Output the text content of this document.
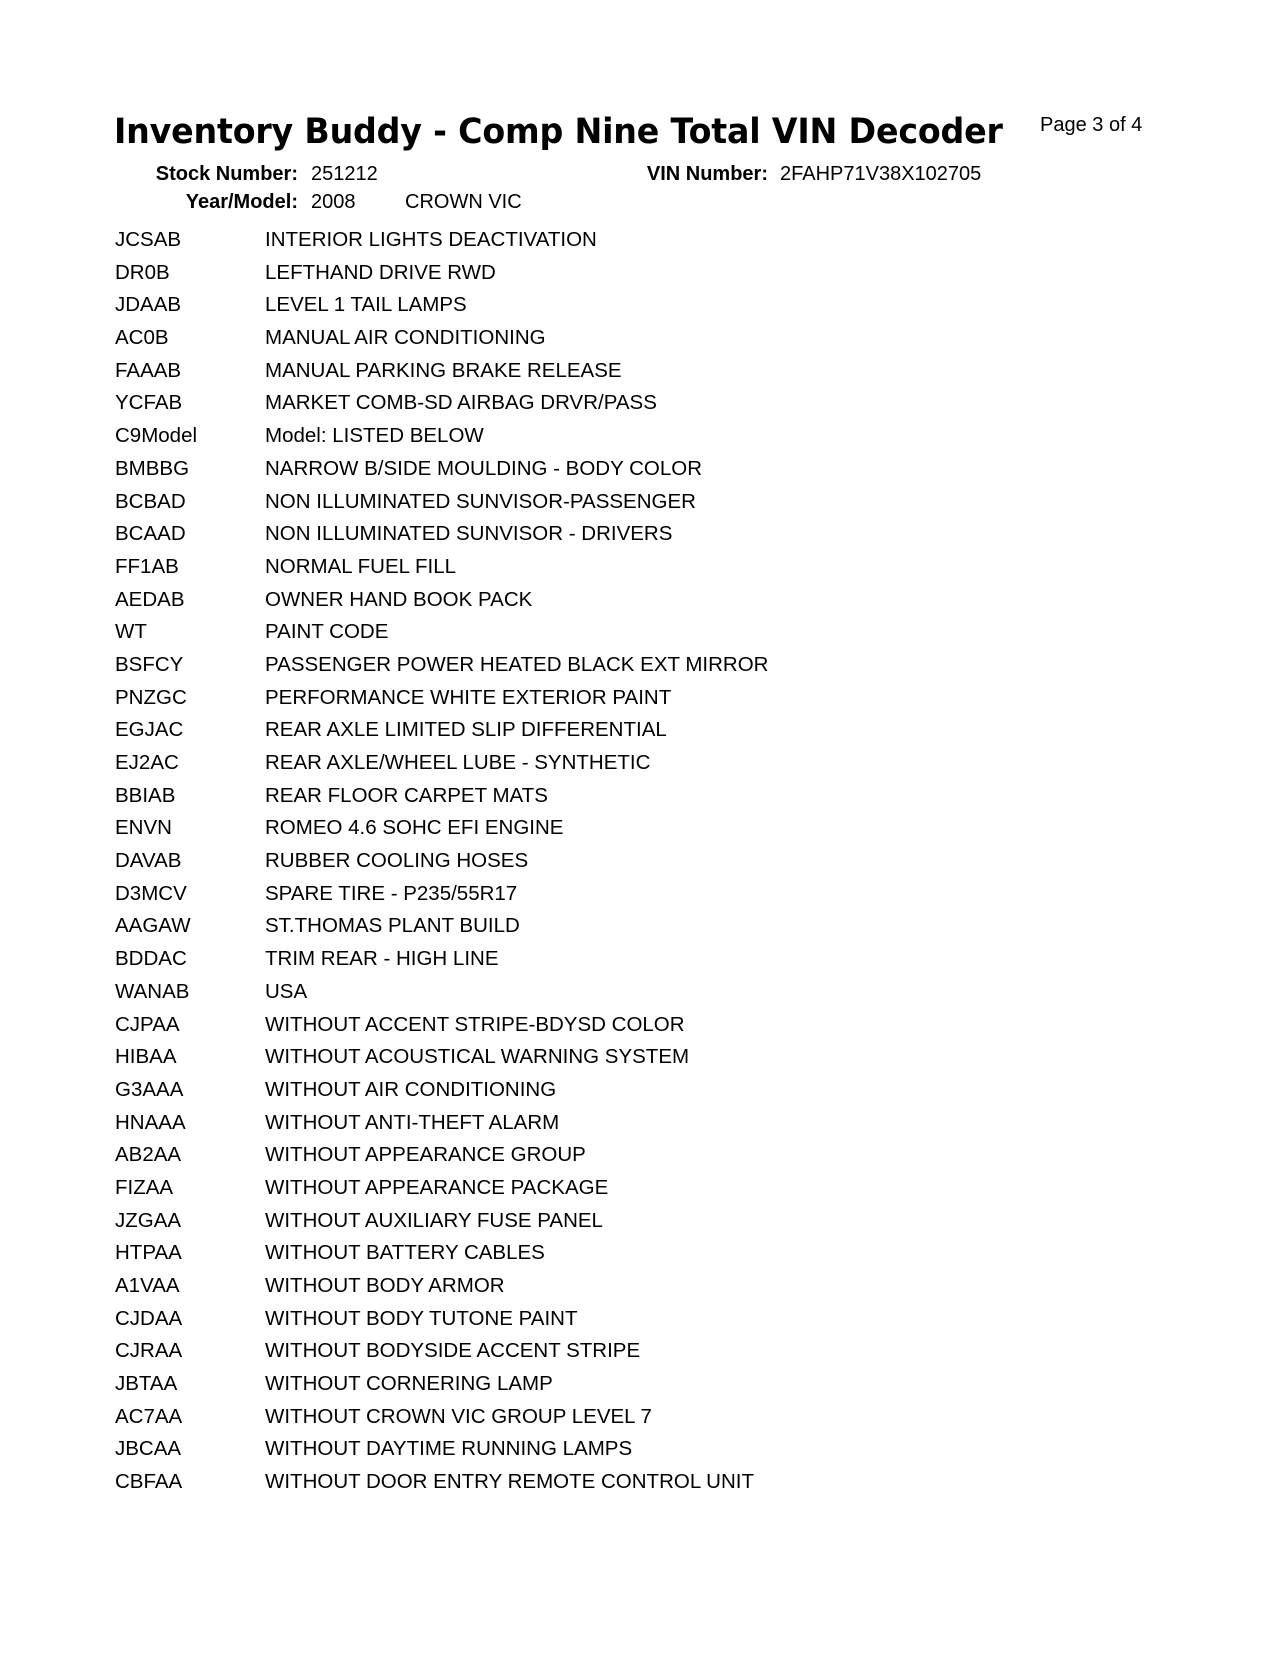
Inventory Buddy - Comp Nine Total VIN Decoder Page 3 of 4
Stock Number: 251212	VIN Number: 2FAHP71V38X102705
Year/Model: 2008 CROWN VIC
JCSAB	INTERIOR LIGHTS DEACTIVATION
DR0B	LEFTHAND DRIVE RWD
JDAAB	LEVEL 1 TAIL LAMPS
AC0B	MANUAL AIR CONDITIONING
FAAAB	MANUAL PARKING BRAKE RELEASE
YCFAB	MARKET COMB-SD AIRBAG DRVR/PASS
C9Model	Model: LISTED BELOW
BMBBG	NARROW B/SIDE MOULDING - BODY COLOR
BCBAD	NON ILLUMINATED SUNVISOR-PASSENGER
BCAAD	NON ILLUMINATED SUNVISOR - DRIVERS
FF1AB	NORMAL FUEL FILL
AEDAB	OWNER HAND BOOK PACK
WT	PAINT CODE
BSFCY	PASSENGER POWER HEATED BLACK EXT MIRROR
PNZGC	PERFORMANCE WHITE EXTERIOR PAINT
EGJAC	REAR AXLE LIMITED SLIP DIFFERENTIAL
EJ2AC	REAR AXLE/WHEEL LUBE - SYNTHETIC
BBIAB	REAR FLOOR CARPET MATS
ENVN	ROMEO 4.6 SOHC EFI ENGINE
DAVAB	RUBBER COOLING HOSES
D3MCV	SPARE TIRE - P235/55R17
AAGAW	ST.THOMAS PLANT BUILD
BDDAC	TRIM REAR - HIGH LINE
WANAB	USA
CJPAA	WITHOUT ACCENT STRIPE-BDYSD COLOR
HIBAA	WITHOUT ACOUSTICAL WARNING SYSTEM
G3AAA	WITHOUT AIR CONDITIONING
HNAAA	WITHOUT ANTI-THEFT ALARM
AB2AA	WITHOUT APPEARANCE GROUP
FIZAA	WITHOUT APPEARANCE PACKAGE
JZGAA	WITHOUT AUXILIARY FUSE PANEL
HTPAA	WITHOUT BATTERY CABLES
A1VAA	WITHOUT BODY ARMOR
CJDAA	WITHOUT BODY TUTONE PAINT
CJRAA	WITHOUT BODYSIDE ACCENT STRIPE
JBTAA	WITHOUT CORNERING LAMP
AC7AA	WITHOUT CROWN VIC GROUP LEVEL 7
JBCAA	WITHOUT DAYTIME RUNNING LAMPS
CBFAA	WITHOUT DOOR ENTRY REMOTE CONTROL UNIT
